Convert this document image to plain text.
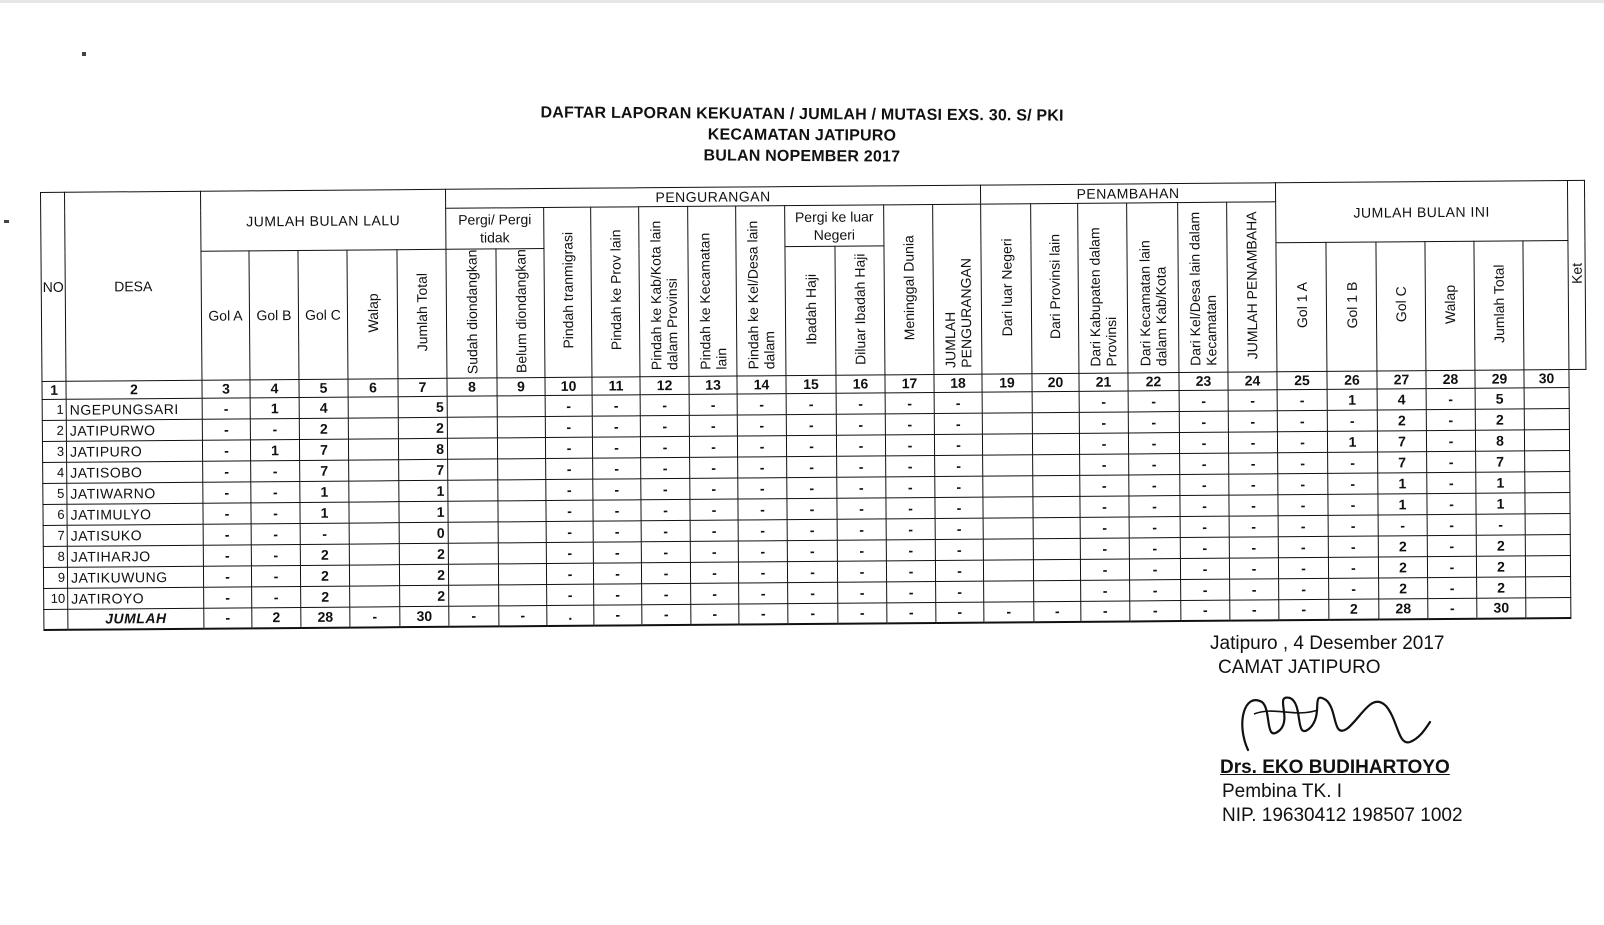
DAFTAR LAPORAN KEKUATAN / JUMLAH / MUTASI EXS. 30. S/ PKI
KECAMATAN JATIPURO
BULAN NOPEMBER 2017
NO	DESA	JUMLAH BULAN LALU					PENGURANGAN											PENAMBAHAN						JUMLAH BULAN INI						Ket
							Pergi/ Pergi tidak		Pindah tranmigrasi	Pindah ke Prov lain	Pindah ke Kab/Kota lain dalam Provinsi	Pindah ke Kecamatan lain	Pindah ke Kel/Desa lain dalam	Pergi ke luar Negeri		Meninggal Dunia	JUMLAH PENGURANGAN	Dari luar Negeri	Dari Provinsi lain	Dari Kabupaten dalam Provinsi	Dari Kecamatan lain dalam Kab/Kota	Dari Kel/Desa lain dalam Kecamatan	JUMLAH PENAMBAHA							
		Gol A	Gol B	Gol C	Walap	Jumlah Total	Sudah diondangkan	Belum diondangkan						Ibadah Haji	Diluar Ibadah Haji									Gol 1 A	Gol 1 B	Gol C	Walap	Jumlah Total		
1	2	3	4	5	6	7	8	9	10	11	12	13	14	15	16	17	18	19	20	21	22	23	24	25	26	27	28	29	30	
1	NGEPUNGSARI	-	1	4		5			-	-	-	-	-	-	-	-	-			-	-	-	-	-	1	4	-	5		
2	JATIPURWO	-	-	2		2			-	-	-	-	-	-	-	-	-			-	-	-	-	-	-	2	-	2		
3	JATIPURO	-	1	7		8			-	-	-	-	-	-	-	-	-			-	-	-	-	-	1	7	-	8		
4	JATISOBO	-	-	7		7			-	-	-	-	-	-	-	-	-			-	-	-	-	-	-	7	-	7		
5	JATIWARNO	-	-	1		1			-	-	-	-	-	-	-	-	-			-	-	-	-	-	-	1	-	1		
6	JATIMULYO	-	-	1		1			-	-	-	-	-	-	-	-	-			-	-	-	-	-	-	1	-	1		
7	JATISUKO	-	-	-		0			-	-	-	-	-	-	-	-	-			-	-	-	-	-	-	-	-	-		
8	JATIHARJO	-	-	2		2			-	-	-	-	-	-	-	-	-			-	-	-	-	-	-	2	-	2		
9	JATIKUWUNG	-	-	2		2			-	-	-	-	-	-	-	-	-			-	-	-	-	-	-	2	-	2		
10	JATIROYO	-	-	2		2			-	-	-	-	-	-	-	-	-			-	-	-	-	-	-	2	-	2		
	JUMLAH	-	2	28	-	30	-	-	.	-	-	-	-	-	-	-	-	-	-	-	-	-	-	-	2	28	-	30		
Jatipuro , 4 Desember 2017
CAMAT JATIPURO
Drs. EKO BUDIHARTOYO
Pembina TK. I
NIP. 19630412 198507 1002
